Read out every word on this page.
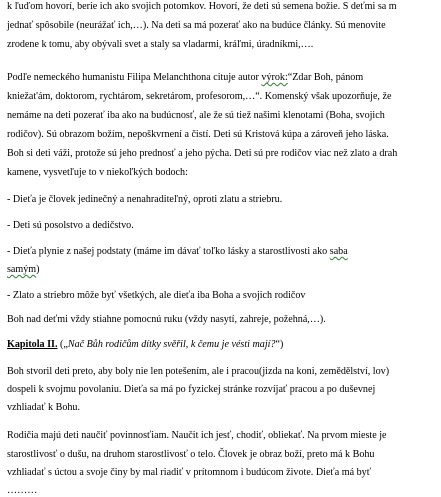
k ľuďom hovorí, berie ich ako svojich potomkov. Hovorí, že deti sú semena božie. S deťmi sa m
jednať spôsobile (neurážať ich,…). Na deti sa má pozerať ako na budúce články. Sú menovite
zrodene k tomu, aby obývali svet a staly sa vladarmi, kráľmi, úradníkmi,….
Podľe nemeckého humanistu Filipa Melanchthona cituje autor výrok:“Zdar Boh, pánom
kniežat'ám, doktorom, rychtárom, sekretárom, profesorom,…“. Komenský však upozorňuje, že
nemáme na deti pozerať iba ako na budúcnosť, ale že sú tiež našimi klenotami (Boha, svojich
rodičov). Sú obrazom božím, nepoškvrnení a čistí. Deti sú Kristová kúpa a zároveň jeho láska.
Boh si deti váži, protože sú jeho prednosť a jeho pýcha. Deti sú pre rodičov viac než zlato a drah
kamene, vysvetľuje to v niekoľkých bodoch:
- Dieťa je človek jedinečný a nenahraditeľný, oproti zlatu a striebru.
- Deti sú posolstvo a dedičstvo.
- Dieťa plynie z našej podstaty (máme im dávať toľko lásky a starostlivosti ako saba
samým)
- Zlato a striebro môže byť všetkých, ale dieťa iba Boha a svojich rodičov
Boh nad deťmi vždy stiahne pomocnú ruku (vždy nasytí, zahreje, požehná,…).
Kapitola II. („Nač Bůh rodičům dítky svěřil, k čemu je vésti mají?“)
Boh stvoril deti preto, aby boly nie len potešením, ale i pracou(jizda na koni, zemědělství, lov)
dospeli k svojmu povolaniu. Dieťa sa má po fyzickej stránke rozvíjať pracou a po duševnej
vzhliadať k Bohu.
Rodičia majú deti naučiť povinnosťiam. Naučit ich jesť, chodiť, obliekať. Na prvom mieste je
starostlivosť o dušu, na druhom starostlivosť o telo. Človek je obraz boží, preto má k Bohu
vzhliadať s úctou a svoje činy by mal riadiť v prítomnom i budúcom živote. Dieťa má byť
………
